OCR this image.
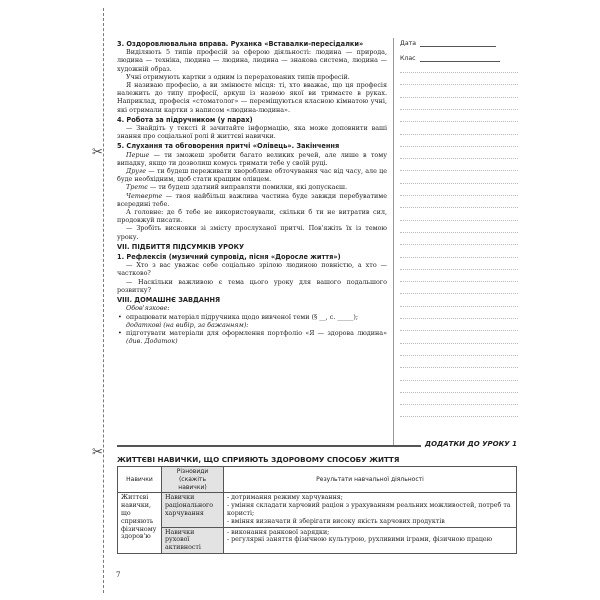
✂
✂
Дата
Клас

3. Оздоровлювальна вправа. Руханка «Вставалки-пересідалки»

Виділяють 5 типів професій за сферою діяльності: людина — природа, людина — техніка, людина — людина, людина — знакова система, людина — художній образ.

Учні отримують картки з одним із перерахованих типів професій.

Я називаю професію, а ви змінюєте місця: ті, хто вважає, що ця професія належить до типу професії, аркуш із назвою якої ви тримаєте в руках. Наприклад, професія «стоматолог» — переміщуються класною кімнатою учні, які отримали картки з написом «людина-людина».

4. Робота за підручником (у парах)

— Знайдіть у тексті й зачитайте інформацію, яка може доповнити ваші знання про соціальної ролі й життєві навички.

5. Слухання та обговорення притчі «Олівець». Закінчення

Перше — ти зможеш зробити багато великих речей, але лише в тому випадку, якщо ти дозволиш комусь тримати тебе у своїй руці.

Друге — ти будеш переживати хворобливе обточування час від часу, але це буде необхідним, щоб стати кращим олівцем.

Третє — ти будеш здатний виправляти помилки, які допускаєш.

Четверте — твоя найбільш важлива частина буде завжди перебуватиме всередині тебе.

А головне: де б тебе не використовували, скільки б ти не витратив сил, продовжуй писати.

— Зробіть висновки зі змісту прослуханої притчі. Пов'яжіть їх із темою уроку.

VII. ПІДБИТТЯ ПІДСУМКІВ УРОКУ

1. Рефлексія (музичний супровід, пісня «Доросле життя»)

— Хто з вас уважає себе соціально зрілою людиною повністю, а хто — частково?

— Наскільки важливою є тема цього уроку для вашого подальшого розвитку?

VIII. ДОМАШНЄ ЗАВДАННЯ

Обов'язкове:

• опрацювати матеріал підручника щодо вивченої теми (§ __, с. _____);

додаткові (на вибір, за бажанням):

• підготувати матеріали для оформлення портфоліо «Я — здорова людина» (див. Додаток)

ДОДАТКИ ДО УРОКУ 1
ЖИТТЄВІ НАВИЧКИ, ЩО СПРИЯЮТЬ ЗДОРОВОМУ СПОСОБУ ЖИТТЯ
Навички	Різновиди (скажіть навички)	Результати навчальної діяльності
Життєві навички, що сприяють фізичному здоров'ю	Навички раціонального харчування	- дотримання режиму харчування;
- уміння складати харчовий раціон з урахуванням реальних можливостей, потреб та користі;
- вміння визначати й зберігати високу якість харчових продуктів

	Навички рухової активності	- виконання ранкової зарядки;
- регулярні заняття фізичною культурою, рухливими іграми, фізичною працею
7
